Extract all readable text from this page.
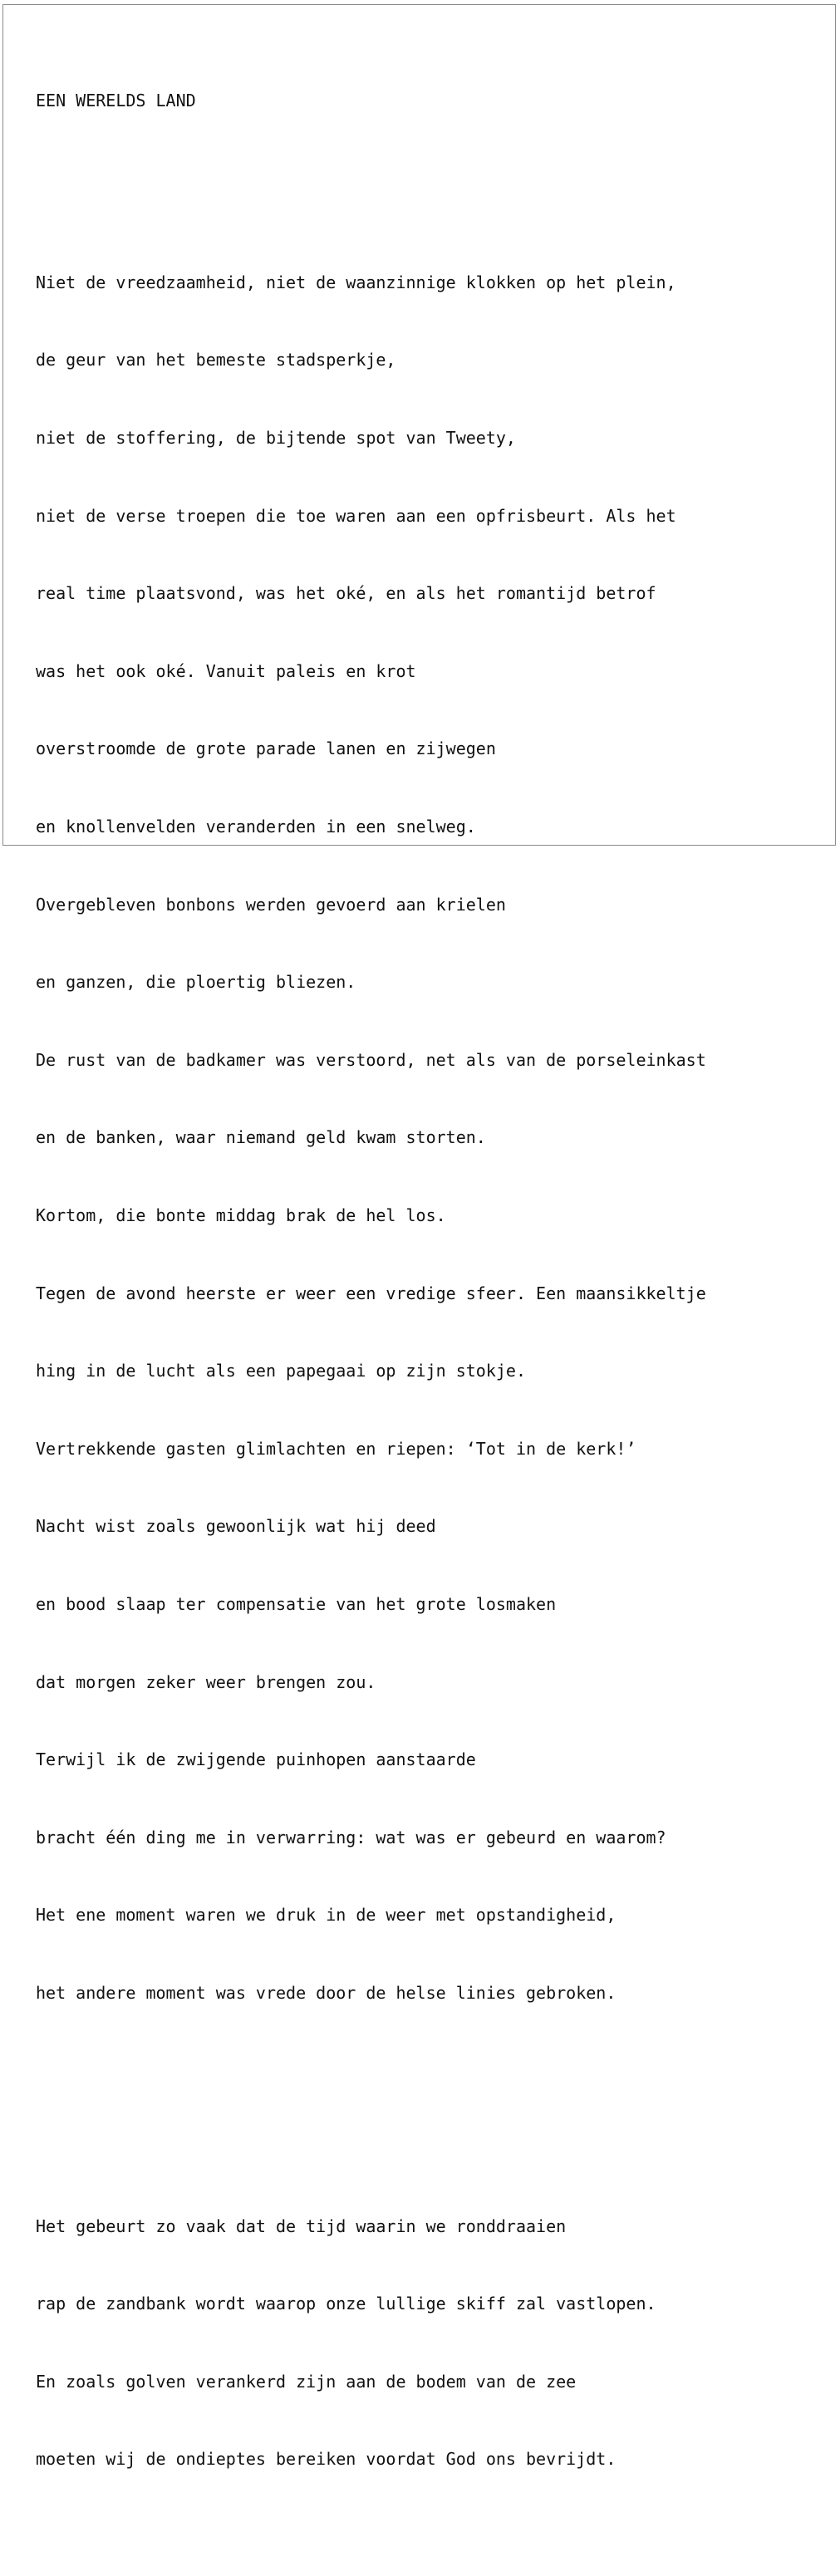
EEN WERELDS LAND

Niet de vreedzaamheid, niet de waanzinnige klokken op het plein,

de geur van het bemeste stadsperkje,

niet de stoffering, de bijtende spot van Tweety,

niet de verse troepen die toe waren aan een opfrisbeurt. Als het

real time plaatsvond, was het oké, en als het romantijd betrof

was het ook oké. Vanuit paleis en krot

overstroomde de grote parade lanen en zijwegen

en knollenvelden veranderden in een snelweg.

Overgebleven bonbons werden gevoerd aan krielen

en ganzen, die ploertig bliezen.

De rust van de badkamer was verstoord, net als van de porseleinkast

en de banken, waar niemand geld kwam storten.

Kortom, die bonte middag brak de hel los.

Tegen de avond heerste er weer een vredige sfeer. Een maansikkeltje

hing in de lucht als een papegaai op zijn stokje.

Vertrekkende gasten glimlachten en riepen: ‘Tot in de kerk!’

Nacht wist zoals gewoonlijk wat hij deed

en bood slaap ter compensatie van het grote losmaken

dat morgen zeker weer brengen zou.

Terwijl ik de zwijgende puinhopen aanstaarde

bracht één ding me in verwarring: wat was er gebeurd en waarom?

Het ene moment waren we druk in de weer met opstandigheid,

het andere moment was vrede door de helse linies gebroken.

Het gebeurt zo vaak dat de tijd waarin we ronddraaien

rap de zandbank wordt waarop onze lullige skiff zal vastlopen.

En zoals golven verankerd zijn aan de bodem van de zee

moeten wij de ondieptes bereiken voordat God ons bevrijdt.
